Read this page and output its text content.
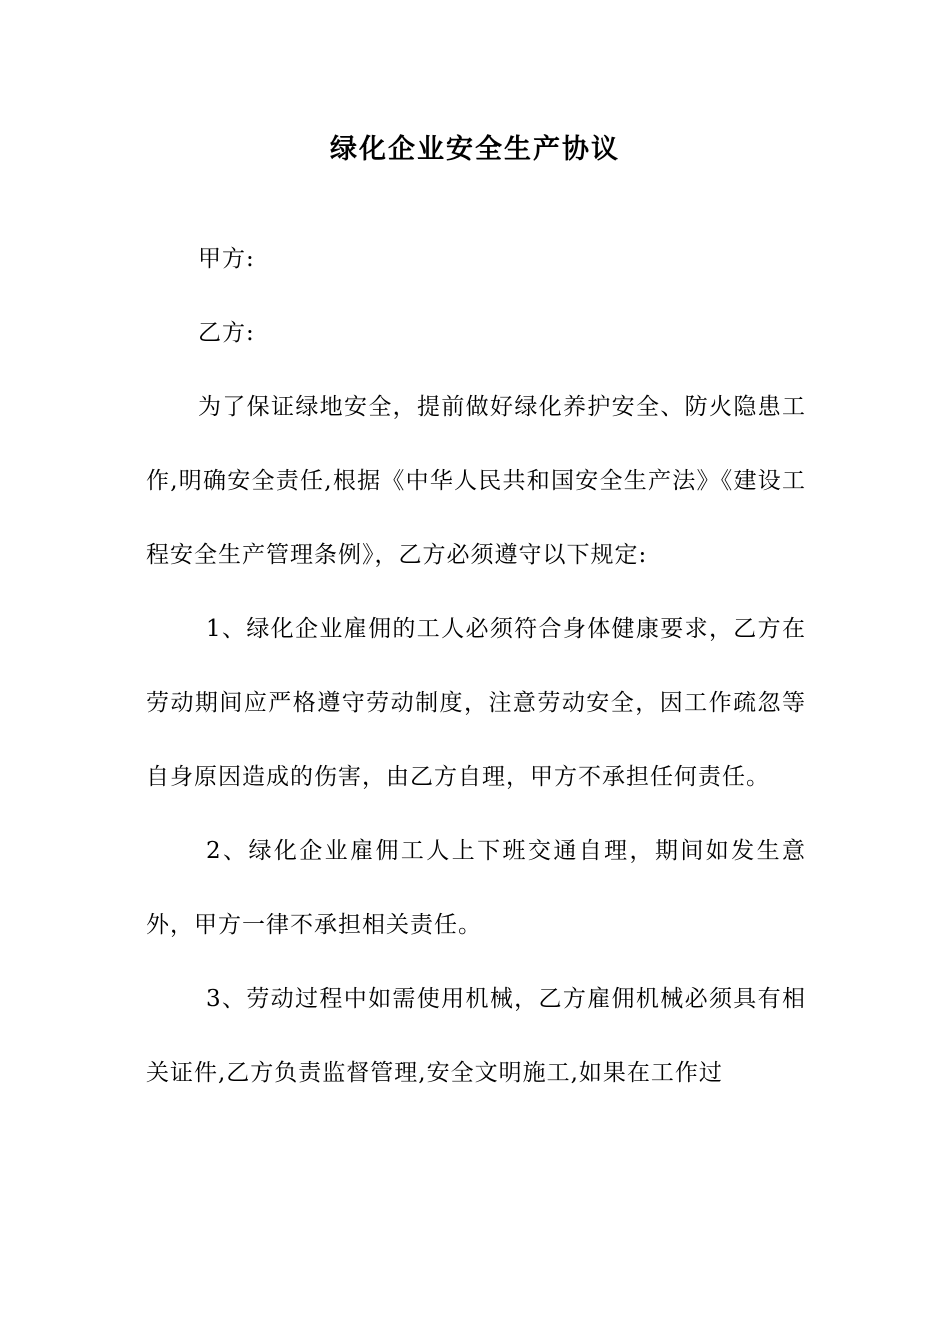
绿化企业安全生产协议

甲方:

乙方:

为了保证绿地安全，提前做好绿化养护安全、防火隐患工作,明确安全责任,根据《中华人民共和国安全生产法》《建设工程安全生产管理条例》，乙方必须遵守以下规定:

1、绿化企业雇佣的工人必须符合身体健康要求，乙方在劳动期间应严格遵守劳动制度，注意劳动安全，因工作疏忽等自身原因造成的伤害，由乙方自理，甲方不承担任何责任。

2、绿化企业雇佣工人上下班交通自理，期间如发生意外，甲方一律不承担相关责任。

3、劳动过程中如需使用机械，乙方雇佣机械必须具有相关证件,乙方负责监督管理,安全文明施工,如果在工作过
